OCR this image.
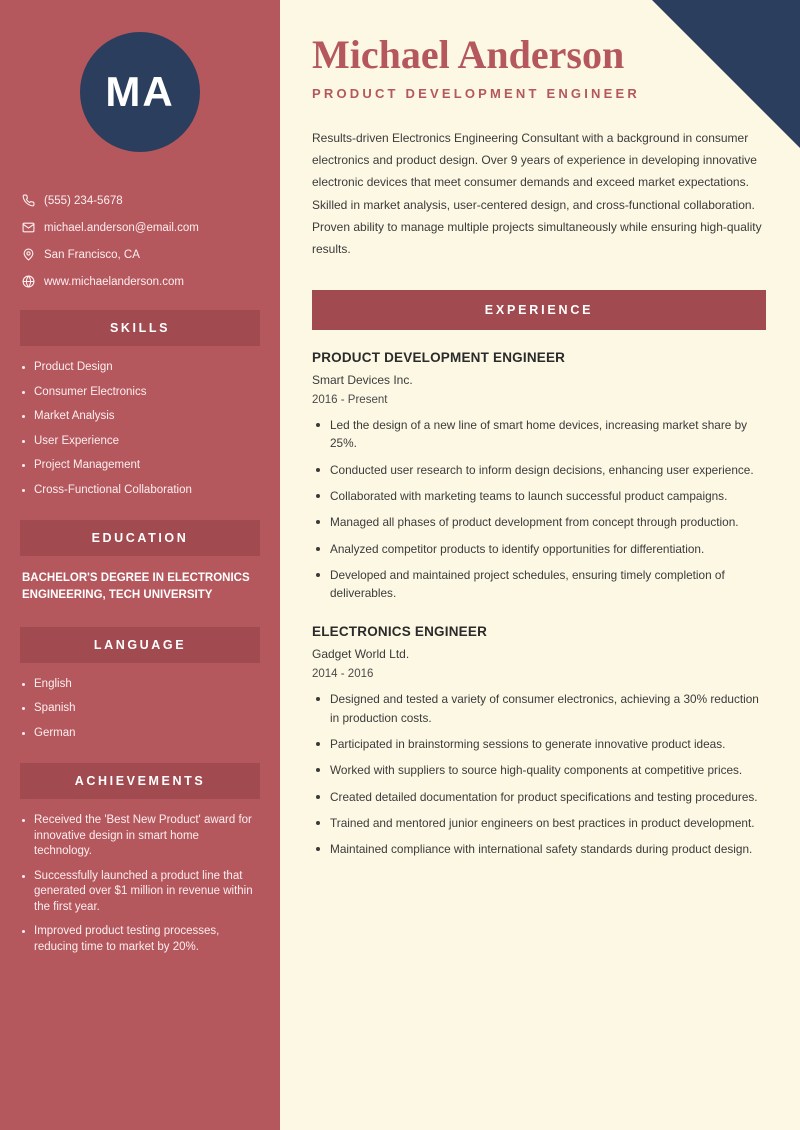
MA
(555) 234-5678
michael.anderson@email.com
San Francisco, CA
www.michaelanderson.com
SKILLS
Product Design
Consumer Electronics
Market Analysis
User Experience
Project Management
Cross-Functional Collaboration
EDUCATION
BACHELOR'S DEGREE IN ELECTRONICS ENGINEERING, TECH UNIVERSITY
LANGUAGE
English
Spanish
German
ACHIEVEMENTS
Received the 'Best New Product' award for innovative design in smart home technology.
Successfully launched a product line that generated over $1 million in revenue within the first year.
Improved product testing processes, reducing time to market by 20%.
Michael Anderson
PRODUCT DEVELOPMENT ENGINEER

Results-driven Electronics Engineering Consultant with a background in consumer electronics and product design. Over 9 years of experience in developing innovative electronic devices that meet consumer demands and exceed market expectations. Skilled in market analysis, user-centered design, and cross-functional collaboration. Proven ability to manage multiple projects simultaneously while ensuring high-quality results.

EXPERIENCE
PRODUCT DEVELOPMENT ENGINEER
Smart Devices Inc.
2016 - Present
Led the design of a new line of smart home devices, increasing market share by 25%.
Conducted user research to inform design decisions, enhancing user experience.
Collaborated with marketing teams to launch successful product campaigns.
Managed all phases of product development from concept through production.
Analyzed competitor products to identify opportunities for differentiation.
Developed and maintained project schedules, ensuring timely completion of deliverables.
ELECTRONICS ENGINEER
Gadget World Ltd.
2014 - 2016
Designed and tested a variety of consumer electronics, achieving a 30% reduction in production costs.
Participated in brainstorming sessions to generate innovative product ideas.
Worked with suppliers to source high-quality components at competitive prices.
Created detailed documentation for product specifications and testing procedures.
Trained and mentored junior engineers on best practices in product development.
Maintained compliance with international safety standards during product design.
